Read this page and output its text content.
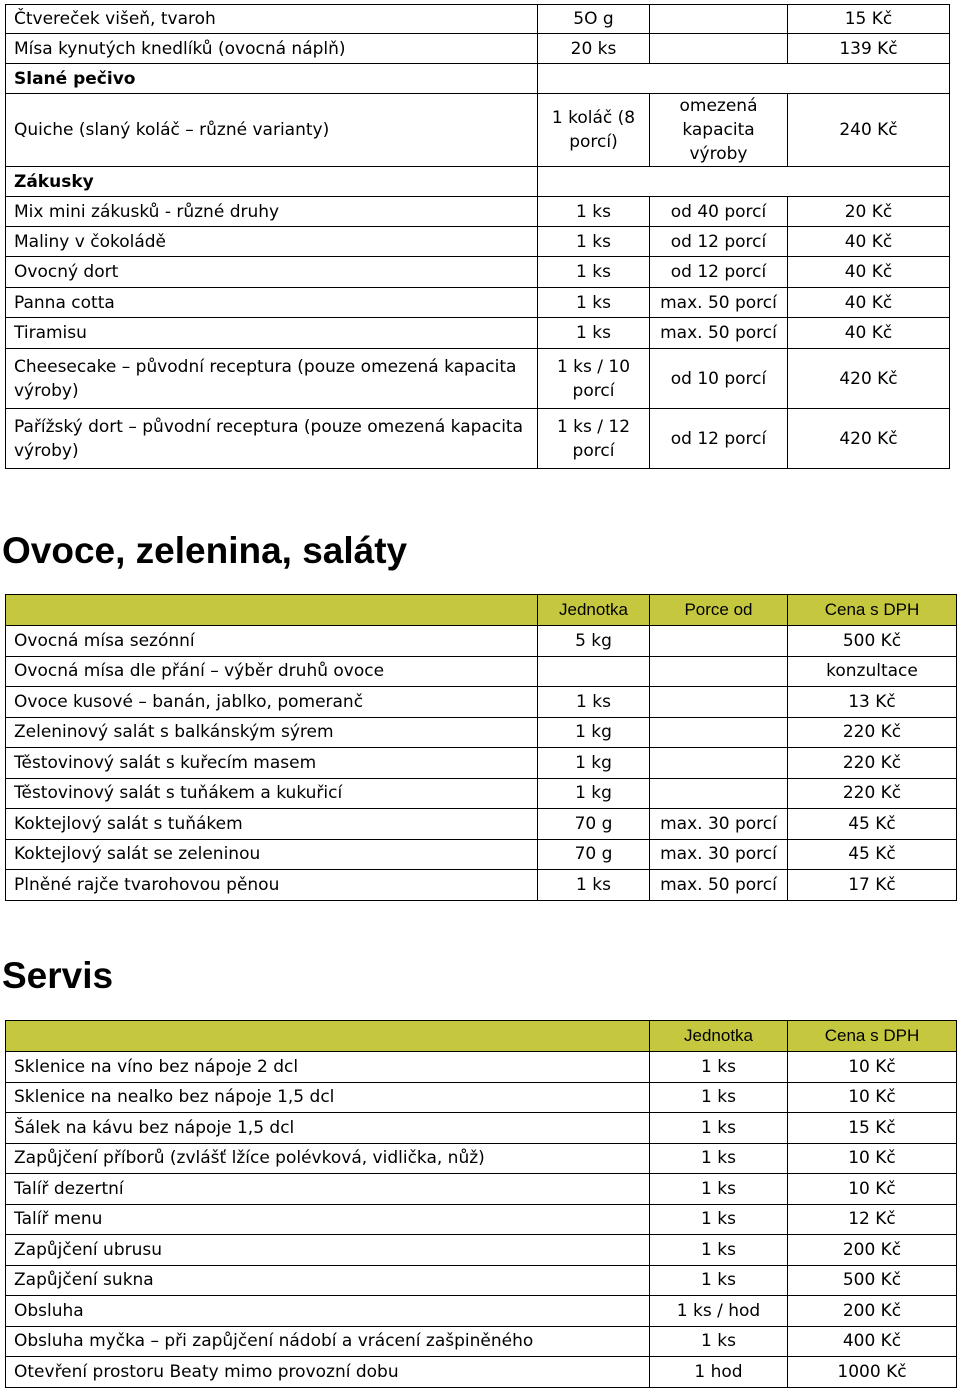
Čtvereček višeň, tvaroh	5O g		15 Kč
Mísa kynutých knedlíků (ovocná náplň)	20 ks		139 Kč
Slané pečivo			
Quiche (slaný koláč – různé varianty)	1 koláč (8 porcí)	omezená kapacita výroby	240 Kč
Zákusky			
Mix mini zákusků - různé druhy	1 ks	od 40 porcí	20 Kč
Maliny v čokoládě	1 ks	od 12 porcí	40 Kč
Ovocný dort	1 ks	od 12 porcí	40 Kč
Panna cotta	1 ks	max. 50 porcí	40 Kč
Tiramisu	1 ks	max. 50 porcí	40 Kč
Cheesecake – původní receptura (pouze omezená kapacita výroby)	1 ks / 10 porcí	od 10 porcí	420 Kč
Pařížský dort – původní receptura (pouze omezená kapacita výroby)	1 ks / 12 porcí	od 12 porcí	420 Kč
Ovoce, zelenina, saláty
	Jednotka	Porce od	Cena s DPH
Ovocná mísa sezónní	5 kg		500 Kč
Ovocná mísa dle přání – výběr druhů ovoce			konzultace
Ovoce kusové – banán, jablko, pomeranč	1 ks		13 Kč
Zeleninový salát s balkánským sýrem	1 kg		220 Kč
Těstovinový salát s kuřecím masem	1 kg		220 Kč
Těstovinový salát s tuňákem a kukuřicí	1 kg		220 Kč
Koktejlový salát s tuňákem	70 g	max. 30 porcí	45 Kč
Koktejlový salát se zeleninou	70 g	max. 30 porcí	45 Kč
Plněné rajče tvarohovou pěnou	1 ks	max. 50 porcí	17 Kč
Servis
	Jednotka	Cena s DPH
Sklenice na víno bez nápoje 2 dcl	1 ks	10 Kč
Sklenice na nealko bez nápoje 1,5 dcl	1 ks	10 Kč
Šálek na kávu bez nápoje 1,5 dcl	1 ks	15 Kč
Zapůjčení příborů (zvlášť lžíce polévková, vidlička, nůž)	1 ks	10 Kč
Talíř dezertní	1 ks	10 Kč
Talíř menu	1 ks	12 Kč
Zapůjčení ubrusu	1 ks	200 Kč
Zapůjčení sukna	1 ks	500 Kč
Obsluha	1 ks / hod	200 Kč
Obsluha myčka – při zapůjčení nádobí a vrácení zašpiněného	1 ks	400 Kč
Otevření prostoru Beaty mimo provozní dobu	1 hod	1000 Kč
